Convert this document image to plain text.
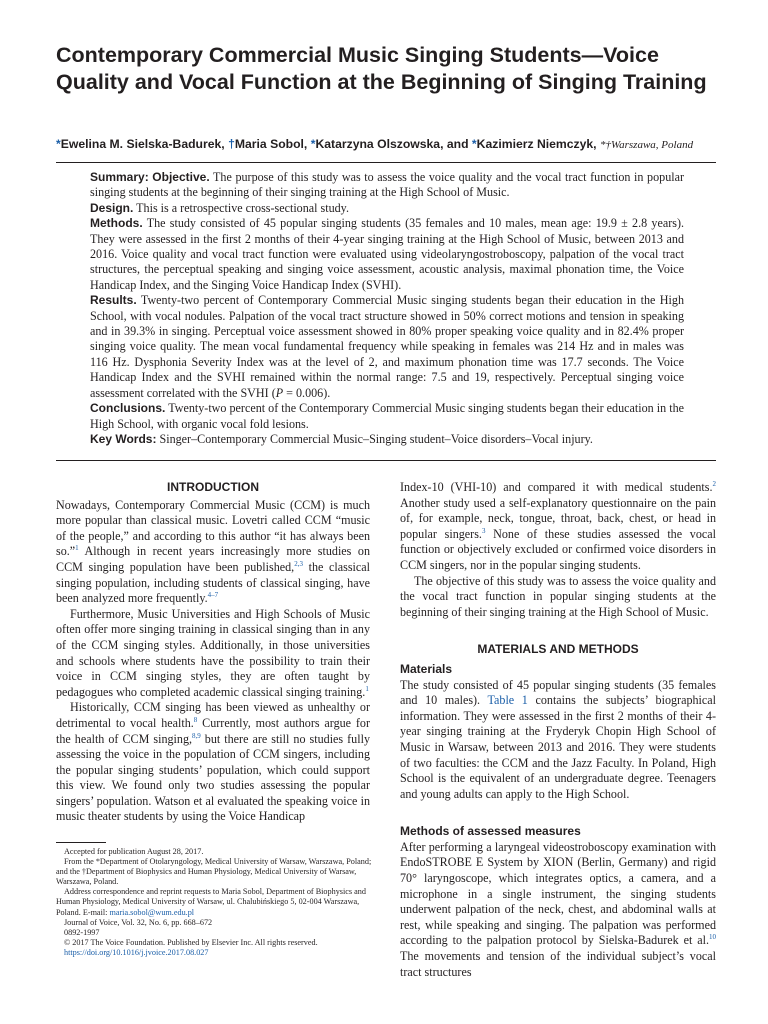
Contemporary Commercial Music Singing Students—Voice Quality and Vocal Function at the Beginning of Singing Training
*Ewelina M. Sielska-Badurek, †Maria Sobol, *Katarzyna Olszowska, and *Kazimierz Niemczyk, *†Warszawa, Poland

Summary: Objective. The purpose of this study was to assess the voice quality and the vocal tract function in popular singing students at the beginning of their singing training at the High School of Music.

Design. This is a retrospective cross-sectional study.

Methods. The study consisted of 45 popular singing students (35 females and 10 males, mean age: 19.9 ± 2.8 years). They were assessed in the first 2 months of their 4-year singing training at the High School of Music, between 2013 and 2016. Voice quality and vocal tract function were evaluated using videolaryngostroboscopy, palpation of the vocal tract structures, the perceptual speaking and singing voice assessment, acoustic analysis, maximal phonation time, the Voice Handicap Index, and the Singing Voice Handicap Index (SVHI).

Results. Twenty-two percent of Contemporary Commercial Music singing students began their education in the High School, with vocal nodules. Palpation of the vocal tract structure showed in 50% correct motions and tension in speaking and in 39.3% in singing. Perceptual voice assessment showed in 80% proper speaking voice quality and in 82.4% proper singing voice quality. The mean vocal fundamental frequency while speaking in females was 214 Hz and in males was 116 Hz. Dysphonia Severity Index was at the level of 2, and maximum phonation time was 17.7 seconds. The Voice Handicap Index and the SVHI remained within the normal range: 7.5 and 19, respectively. Perceptual singing voice assessment correlated with the SVHI (P = 0.006).

Conclusions. Twenty-two percent of the Contemporary Commercial Music singing students began their education in the High School, with organic vocal fold lesions.

Key Words: Singer–Contemporary Commercial Music–Singing student–Voice disorders–Vocal injury.

INTRODUCTION

Nowadays, Contemporary Commercial Music (CCM) is much more popular than classical music. Lovetri called CCM “music of the people,” and according to this author “it has always been so.”$^1$ Although in recent years increasingly more studies on CCM singing population have been published,$^{2,3}$ the classical singing population, including students of classical singing, have been analyzed more frequently.$^{4-7}$

Furthermore, Music Universities and High Schools of Music often offer more singing training in classical singing than in any of the CCM singing styles. Additionally, in those universities and schools where students have the possibility to train their voice in CCM singing styles, they are often taught by pedagogues who completed academic classical singing training.$^1$

Historically, CCM singing has been viewed as unhealthy or detrimental to vocal health.$^8$ Currently, most authors argue for the health of CCM singing,$^{8,9}$ but there are still no studies fully assessing the voice in the population of CCM singers, including the popular singing students’ population, which could support this view. We found only two studies assessing the popular singers’ population. Watson et al evaluated the speaking voice in music theater students by using the Voice Handicap

Accepted for publication August 28, 2017.
From the *Department of Otolaryngology, Medical University of Warsaw, Warszawa, Poland; and the †Department of Biophysics and Human Physiology, Medical University of Warsaw, Warszawa, Poland.
Address correspondence and reprint requests to Maria Sobol, Department of Biophysics and Human Physiology, Medical University of Warsaw, ul. Chalubińskiego 5, 02-004 Warszawa, Poland. E-mail: maria.sobol@wum.edu.pl
Journal of Voice, Vol. 32, No. 6, pp. 668–672
0892-1997
© 2017 The Voice Foundation. Published by Elsevier Inc. All rights reserved.
https://doi.org/10.1016/j.jvoice.2017.08.027

Index-10 (VHI-10) and compared it with medical students.$^2$ Another study used a self-explanatory questionnaire on the pain of, for example, neck, tongue, throat, back, chest, or head in popular singers.$^3$ None of these studies assessed the vocal function or objectively excluded or confirmed voice disorders in CCM singers, nor in the popular singing students.

The objective of this study was to assess the voice quality and the vocal tract function in popular singing students at the beginning of their singing training at the High School of Music.

MATERIALS AND METHODS

Materials

The study consisted of 45 popular singing students (35 females and 10 males). Table 1 contains the subjects’ biographical information. They were assessed in the first 2 months of their 4-year singing training at the Fryderyk Chopin High School of Music in Warsaw, between 2013 and 2016. They were students of two faculties: the CCM and the Jazz Faculty. In Poland, High School is the equivalent of an undergraduate degree. Teenagers and young adults can apply to the High School.

Methods of assessed measures

After performing a laryngeal videostroboscopy examination with EndoSTROBE E System by XION (Berlin, Germany) and rigid 70° laryngoscope, which integrates optics, a camera, and a microphone in a single instrument, the singing students underwent palpation of the neck, chest, and abdominal walls at rest, while speaking and singing. The palpation was performed according to the palpation protocol by Sielska-Badurek et al.$^{10}$ The movements and tension of the individual subject’s vocal tract structures
